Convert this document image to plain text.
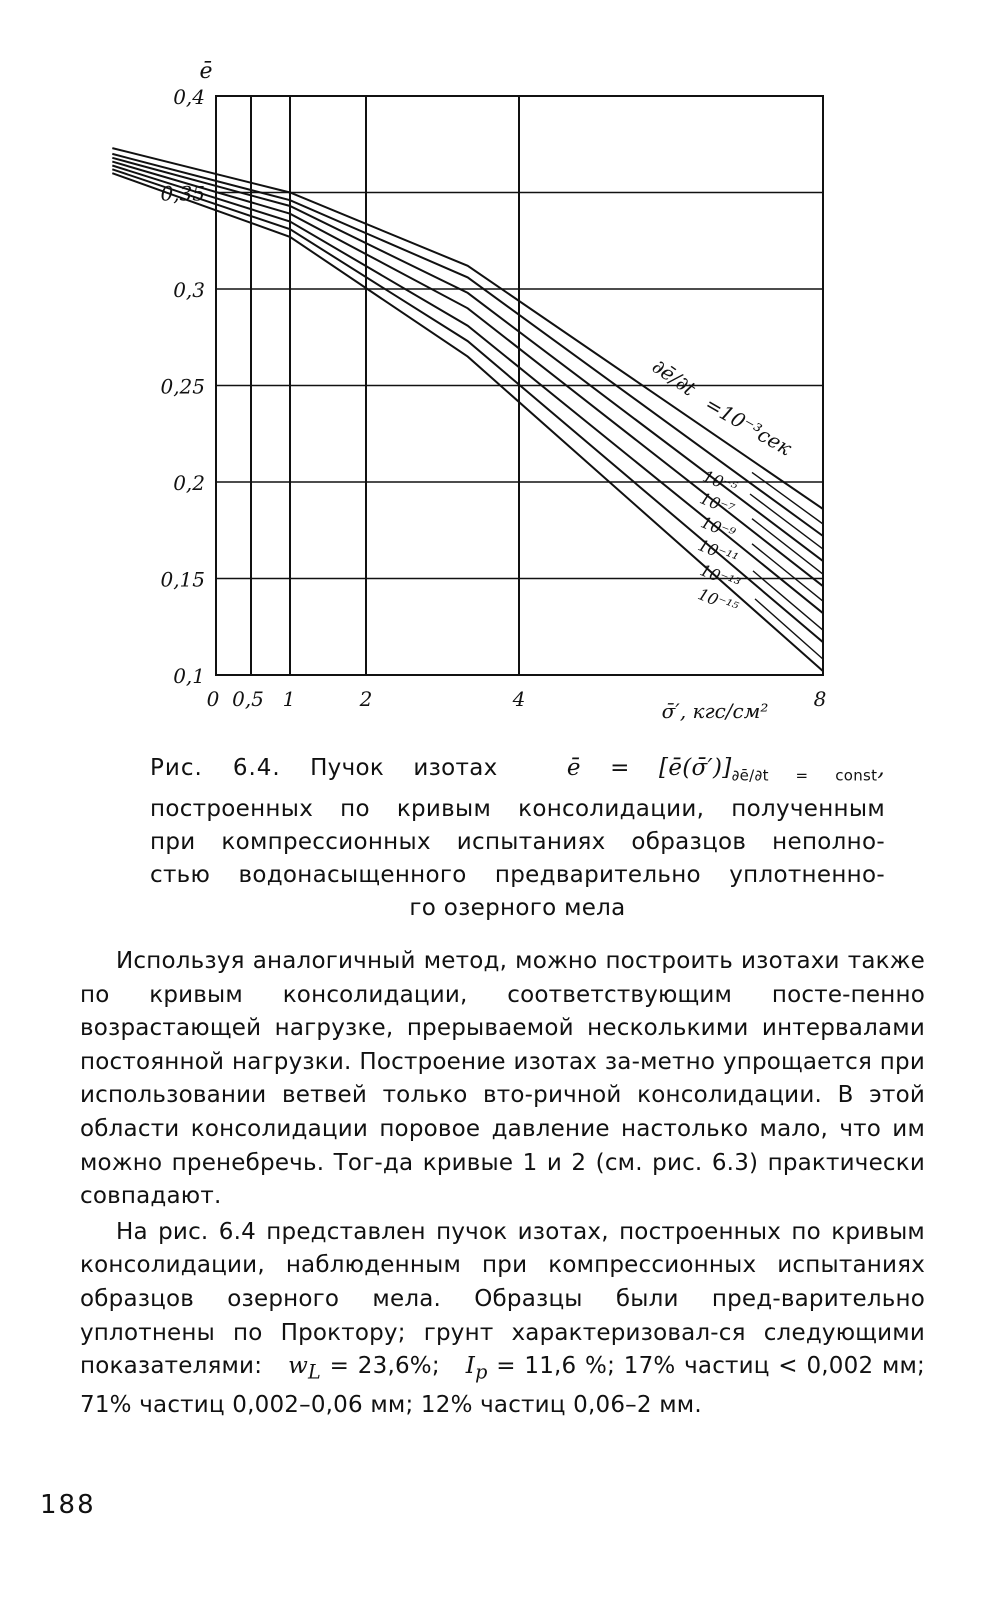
0,1
0,15
0,2
0,25
0,3
0,35
0,4
0 0,5 1	2	4	8
ē
σ̄′, кгс/см²
∂ē/∂t
=10⁻³сек
10⁻⁵
10⁻⁷
10⁻⁹
10⁻¹¹
10⁻¹³
10⁻¹⁵
Рис. 6.4. Пучок изотах	ē = $[ē(\sigmā')]_{\partial ē/\partial t = const}$,
построенных по кривым консолидации, полученным
при компрессионных испытаниях образцов неполно-
стью водонасыщенного предварительно уплотненно-
го озерного мела

Используя аналогичный метод, можно построить изотахи также по кривым консолидации, соответствующим посте-пенно возрастающей нагрузке, прерываемой несколькими интервалами постоянной нагрузки. Построение изотах за-метно упрощается при использовании ветвей только вто-ричной консолидации. В этой области консолидации поровое давление настолько мало, что им можно пренебречь. Тог-да кривые 1 и 2 (см. рис. 6.3) практически совпадают.

На рис. 6.4 представлен пучок изотах, построенных по кривым консолидации, наблюденным при компрессионных испытаниях образцов озерного мела. Образцы были пред-варительно уплотнены по Проктору; грунт характеризовал-ся следующими показателями: $w_L = 23,6\%$; $I_p = 11,6$ %; 17% частиц < 0,002 мм; 71% частиц 0,002–0,06 мм; 12% частиц 0,06–2 мм.

188
